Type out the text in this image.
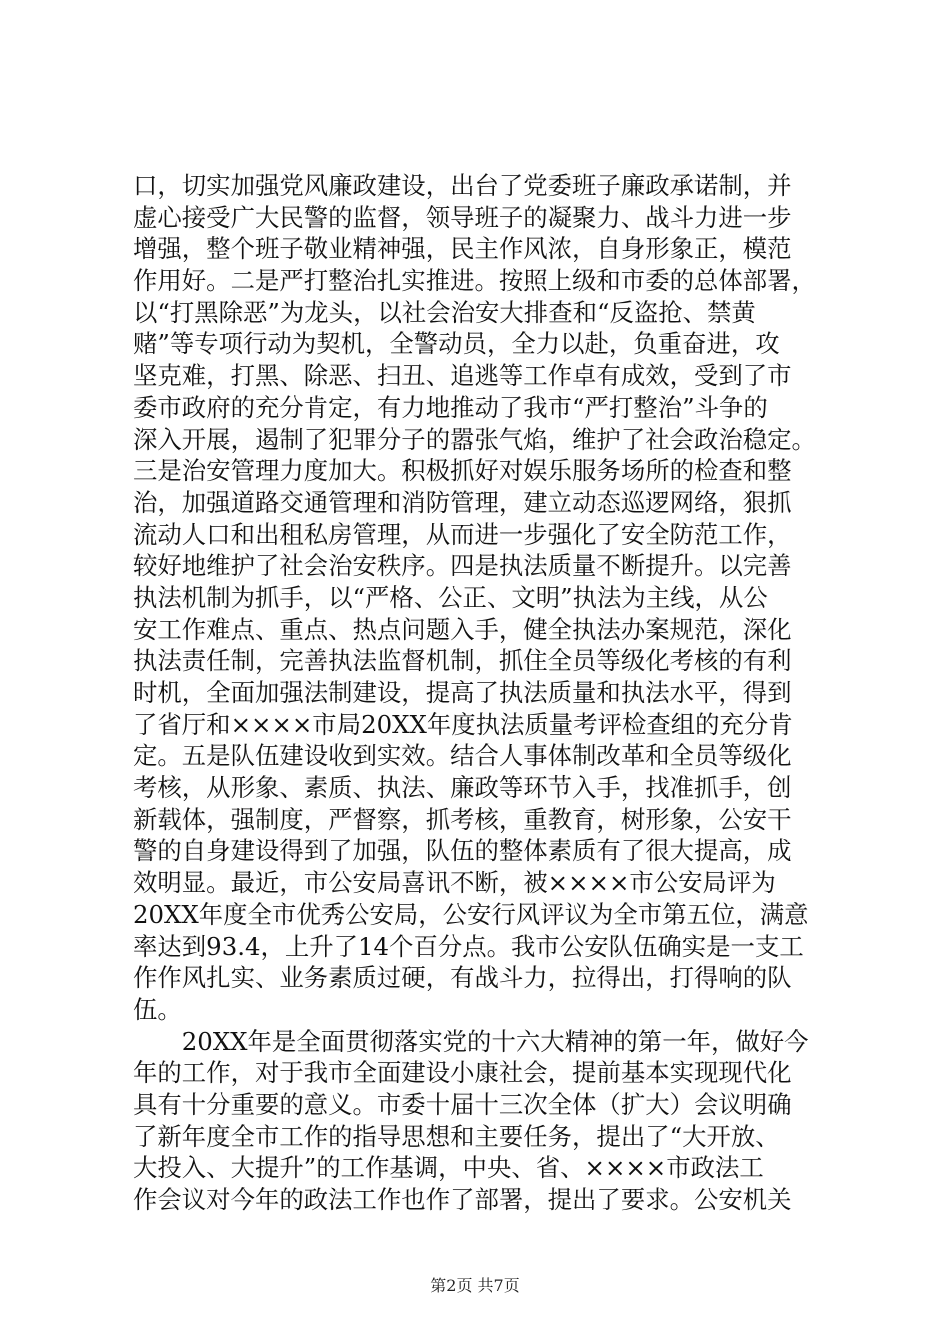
口，切实加强党风廉政建设，出台了党委班子廉政承诺制，并
虚心接受广大民警的监督，领导班子的凝聚力、战斗力进一步
增强，整个班子敬业精神强，民主作风浓，自身形象正，模范
作用好。二是严打整治扎实推进。按照上级和市委的总体部署，
以“打黑除恶”为龙头，以社会治安大排查和“反盗抢、禁黄
赌”等专项行动为契机，全警动员，全力以赴，负重奋进，攻
坚克难，打黑、除恶、扫丑、追逃等工作卓有成效，受到了市
委市政府的充分肯定，有力地推动了我市“严打整治”斗争的
深入开展，遏制了犯罪分子的嚣张气焰，维护了社会政治稳定。
三是治安管理力度加大。积极抓好对娱乐服务场所的检查和整
治，加强道路交通管理和消防管理，建立动态巡逻网络，狠抓
流动人口和出租私房管理，从而进一步强化了安全防范工作，
较好地维护了社会治安秩序。四是执法质量不断提升。以完善
执法机制为抓手，以“严格、公正、文明”执法为主线，从公
安工作难点、重点、热点问题入手，健全执法办案规范，深化
执法责任制，完善执法监督机制，抓住全员等级化考核的有利
时机，全面加强法制建设，提高了执法质量和执法水平，得到
了省厅和××××市局20XX年度执法质量考评检查组的充分肯
定。五是队伍建设收到实效。结合人事体制改革和全员等级化
考核，从形象、素质、执法、廉政等环节入手，找准抓手，创
新载体，强制度，严督察，抓考核，重教育，树形象，公安干
警的自身建设得到了加强，队伍的整体素质有了很大提高，成
效明显。最近，市公安局喜讯不断，被××××市公安局评为
20XX年度全市优秀公安局，公安行风评议为全市第五位，满意
率达到93.4，上升了14个百分点。我市公安队伍确实是一支工
作作风扎实、业务素质过硬，有战斗力，拉得出，打得响的队
伍。
　　20XX年是全面贯彻落实党的十六大精神的第一年，做好今
年的工作，对于我市全面建设小康社会，提前基本实现现代化
具有十分重要的意义。市委十届十三次全体（扩大）会议明确
了新年度全市工作的指导思想和主要任务，提出了“大开放、
大投入、大提升”的工作基调，中央、省、××××市政法工
作会议对今年的政法工作也作了部署，提出了要求。公安机关
第2页 共7页
